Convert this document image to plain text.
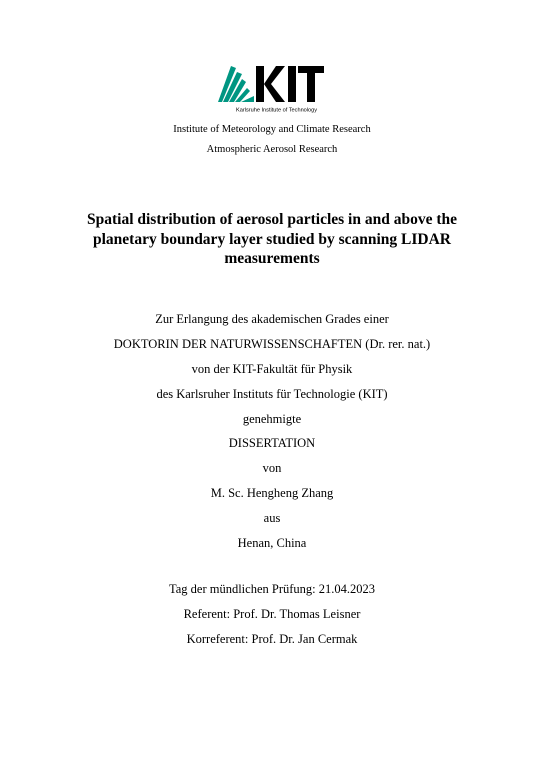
Karlsruhe Institute of Technology
Institute of Meteorology and Climate Research
Atmospheric Aerosol Research
Spatial distribution of aerosol particles in and above the
planetary boundary layer studied by scanning LIDAR
measurements
Zur Erlangung des akademischen Grades einer
DOKTORIN DER NATURWISSENSCHAFTEN (Dr. rer. nat.)
von der KIT-Fakultät für Physik
des Karlsruher Instituts für Technologie (KIT)
genehmigte
DISSERTATION
von
M. Sc. Hengheng Zhang
aus
Henan, China
Tag der mündlichen Prüfung: 21.04.2023
Referent: Prof. Dr. Thomas Leisner
Korreferent: Prof. Dr. Jan Cermak
